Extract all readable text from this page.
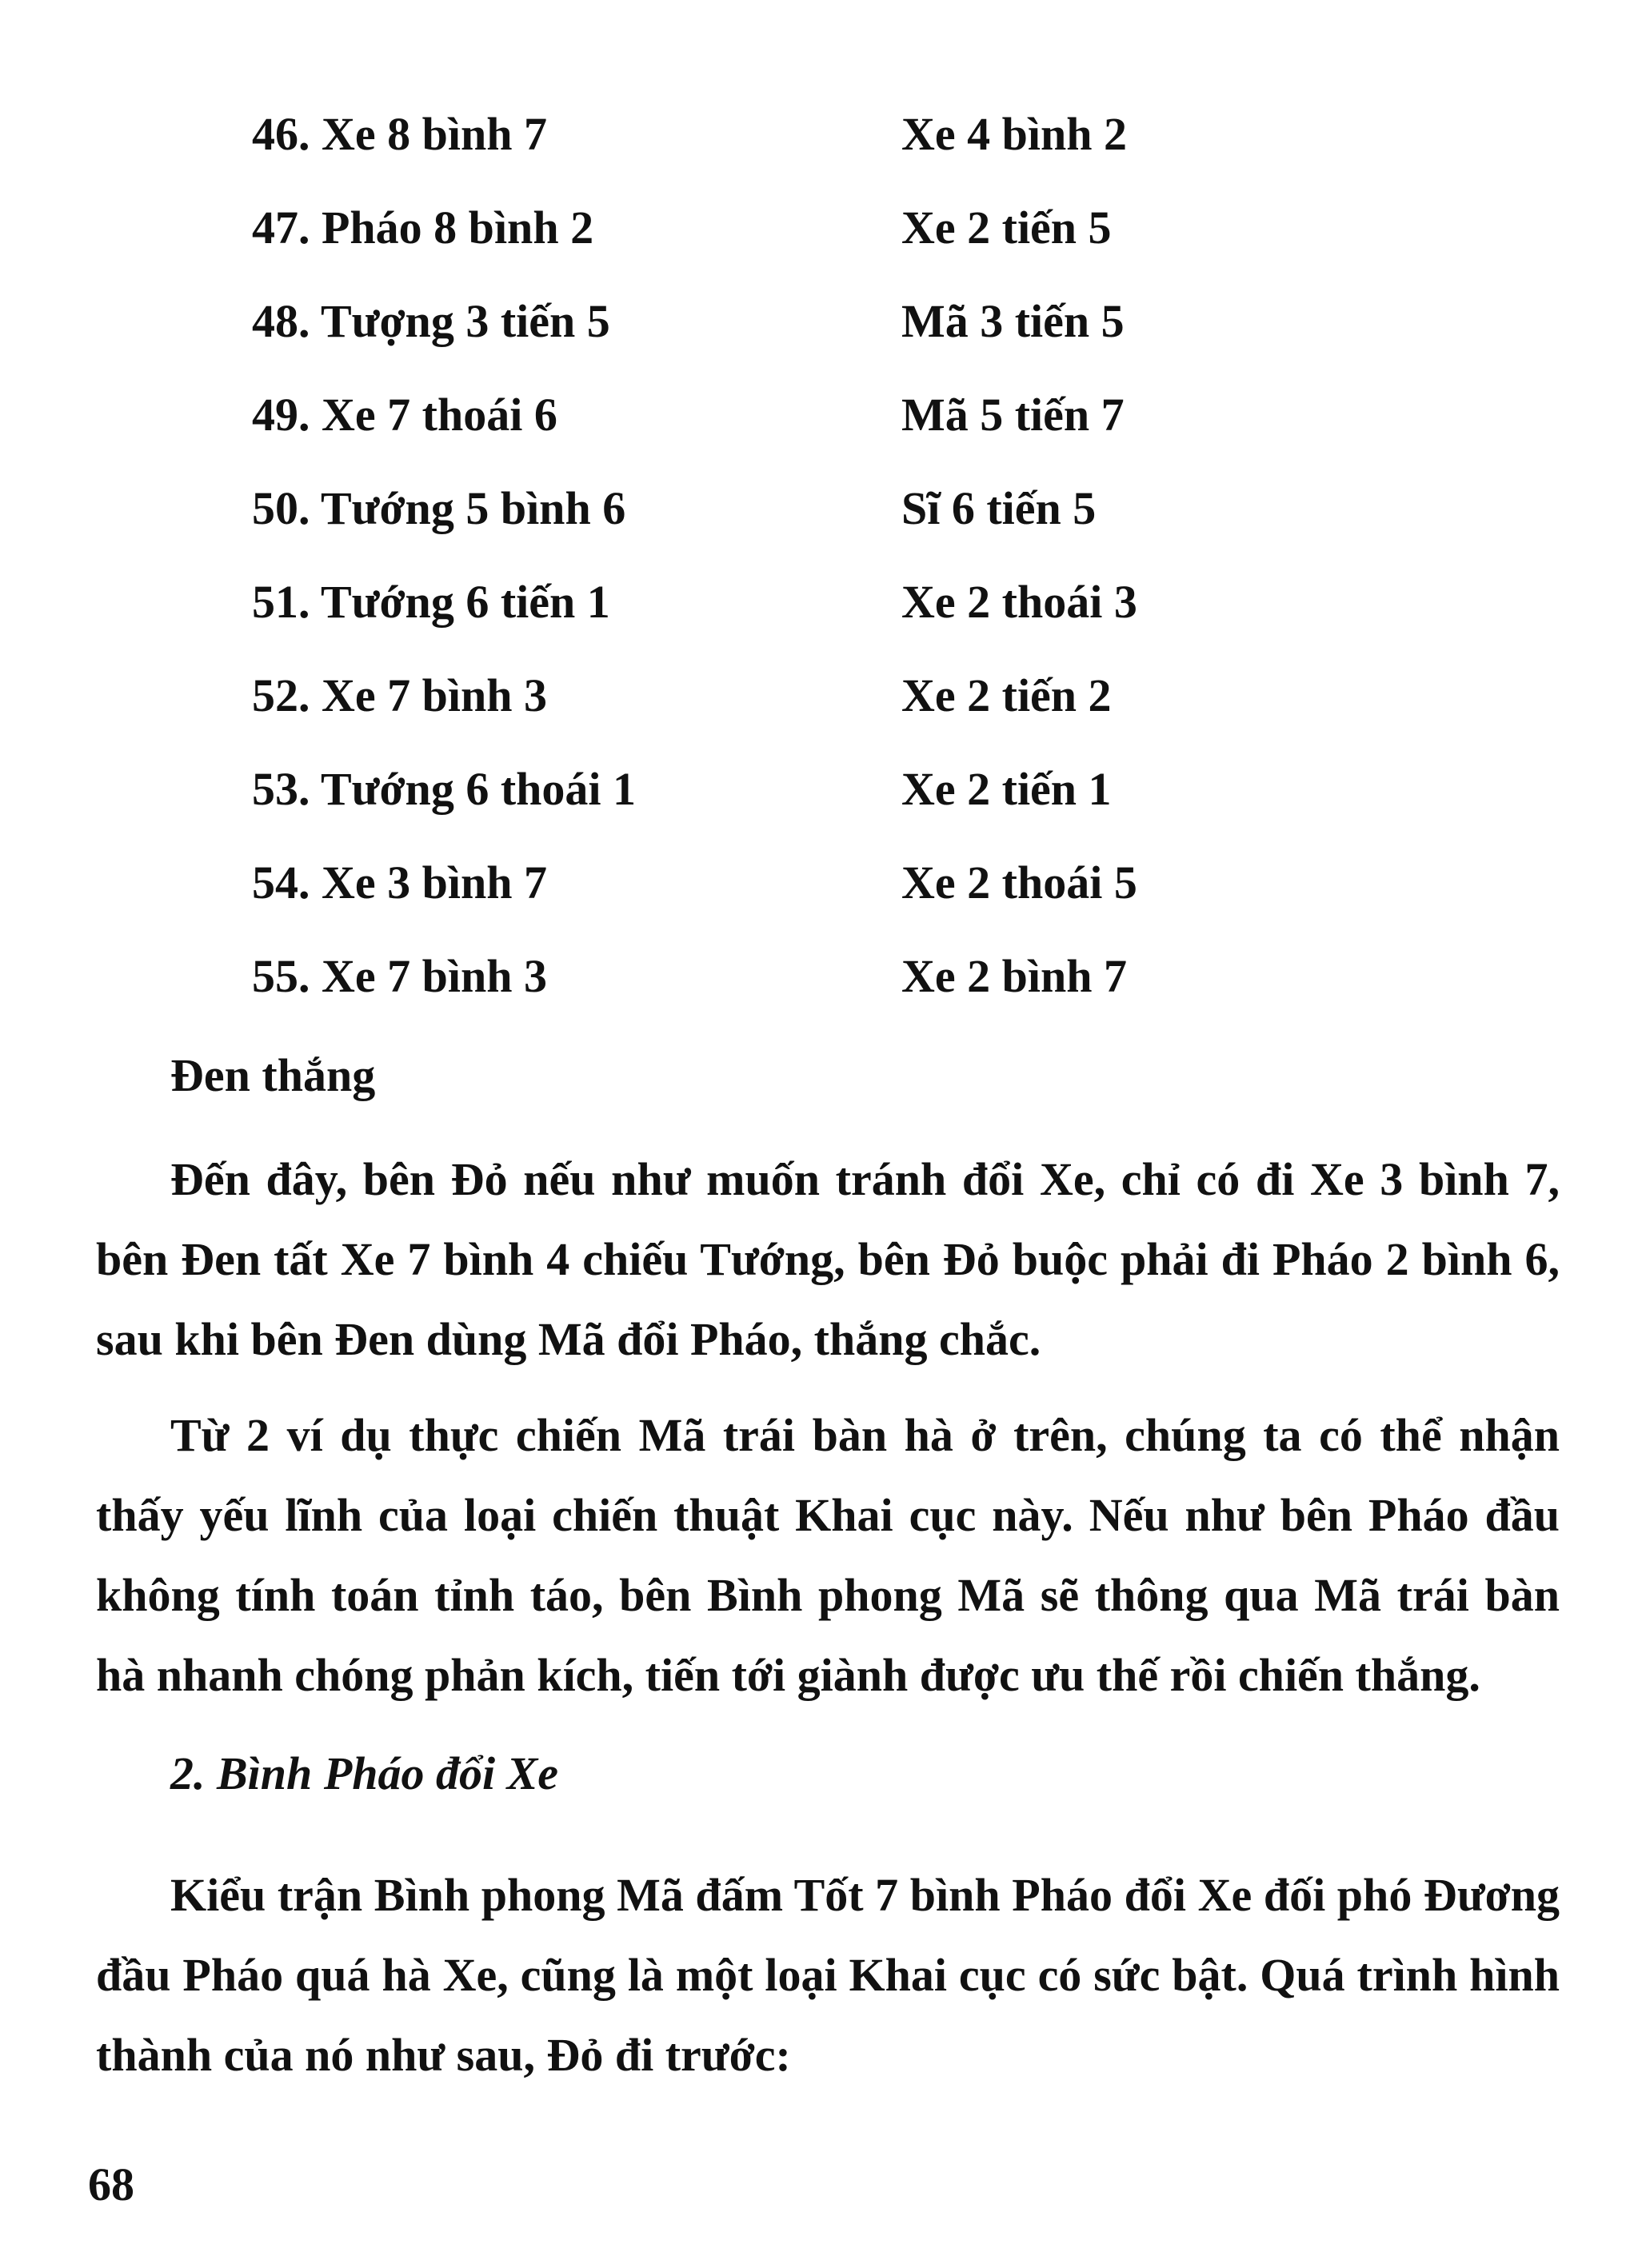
46. Xe 8 bình 7	Xe 4 bình 2
47. Pháo 8 bình 2	Xe 2 tiến 5
48. Tượng 3 tiến 5	Mã 3 tiến 5
49. Xe 7 thoái 6	Mã 5 tiến 7
50. Tướng 5 bình 6	Sĩ 6 tiến 5
51. Tướng 6 tiến 1	Xe 2 thoái 3
52. Xe 7 bình 3	Xe 2 tiến 2
53. Tướng 6 thoái 1	Xe 2 tiến 1
54. Xe 3 bình 7	Xe 2 thoái 5
55. Xe 7 bình 3	Xe 2 bình 7
Đen thắng

Đến đây, bên Đỏ nếu như muốn tránh đổi Xe, chỉ có đi Xe 3 bình 7, bên Đen tất Xe 7 bình 4 chiếu Tướng, bên Đỏ buộc phải đi Pháo 2 bình 6, sau khi bên Đen dùng Mã đổi Pháo, thắng chắc.

Từ 2 ví dụ thực chiến Mã trái bàn hà ở trên, chúng ta có thể nhận thấy yếu lĩnh của loại chiến thuật Khai cục này. Nếu như bên Pháo đầu không tính toán tỉnh táo, bên Bình phong Mã sẽ thông qua Mã trái bàn hà nhanh chóng phản kích, tiến tới giành được ưu thế rồi chiến thắng.

2. Bình Pháo đổi Xe

Kiểu trận Bình phong Mã đấm Tốt 7 bình Pháo đổi Xe đối phó Đương đầu Pháo quá hà Xe, cũng là một loại Khai cục có sức bật. Quá trình hình thành của nó như sau, Đỏ đi trước:

68
